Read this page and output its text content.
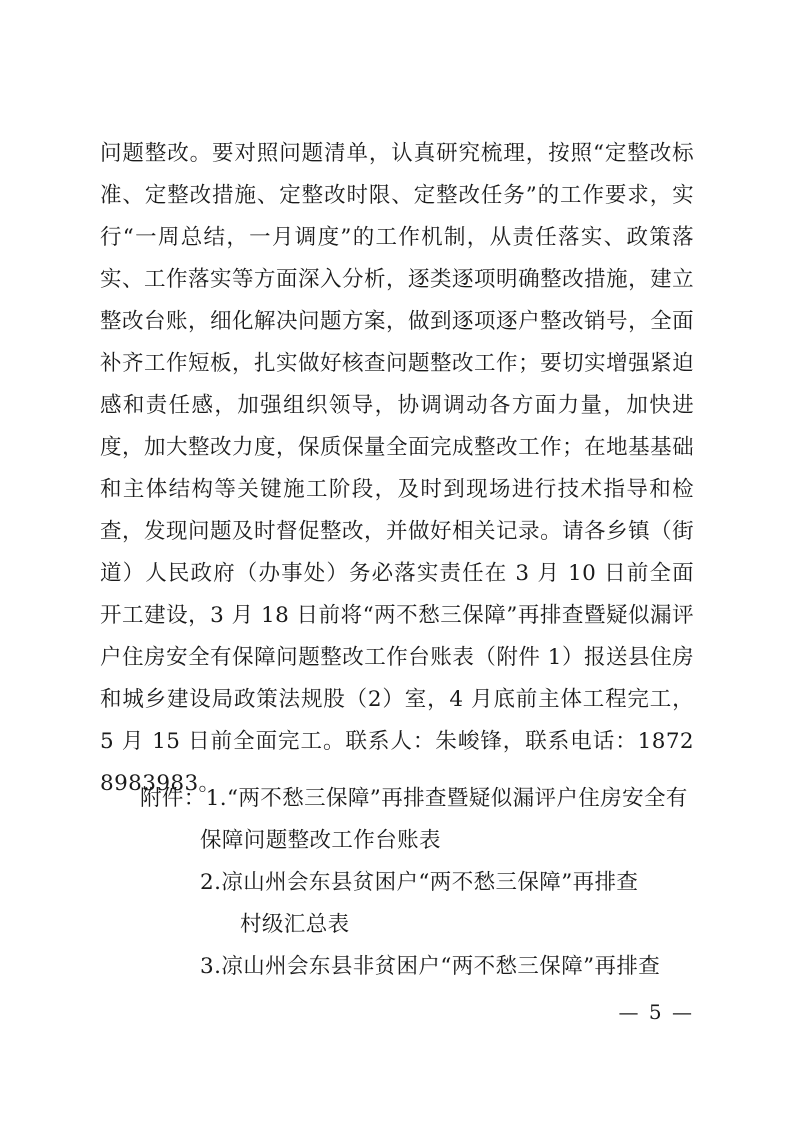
问题整改。要对照问题清单，认真研究梳理，按照“定整改标准、定整改措施、定整改时限、定整改任务”的工作要求，实行“一周总结，一月调度”的工作机制，从责任落实、政策落实、工作落实等方面深入分析，逐类逐项明确整改措施，建立整改台账，细化解决问题方案，做到逐项逐户整改销号，全面补齐工作短板，扎实做好核查问题整改工作；要切实增强紧迫感和责任感，加强组织领导，协调调动各方面力量，加快进度，加大整改力度，保质保量全面完成整改工作；在地基基础和主体结构等关键施工阶段，及时到现场进行技术指导和检查，发现问题及时督促整改，并做好相关记录。请各乡镇（街道）人民政府（办事处）务必落实责任在 3 月 10 日前全面开工建设，3 月 18 日前将“两不愁三保障”再排查暨疑似漏评户住房安全有保障问题整改工作台账表（附件 1）报送县住房和城乡建设局政策法规股（2）室，4 月底前主体工程完工，5 月 15 日前全面完工。联系人：朱峻锋，联系电话：18728983983。

附件：1.“两不愁三保障”再排查暨疑似漏评户住房安全有
保障问题整改工作台账表
2.凉山州会东县贫困户“两不愁三保障”再排查
村级汇总表
3.凉山州会东县非贫困户“两不愁三保障”再排查
— 5 —
